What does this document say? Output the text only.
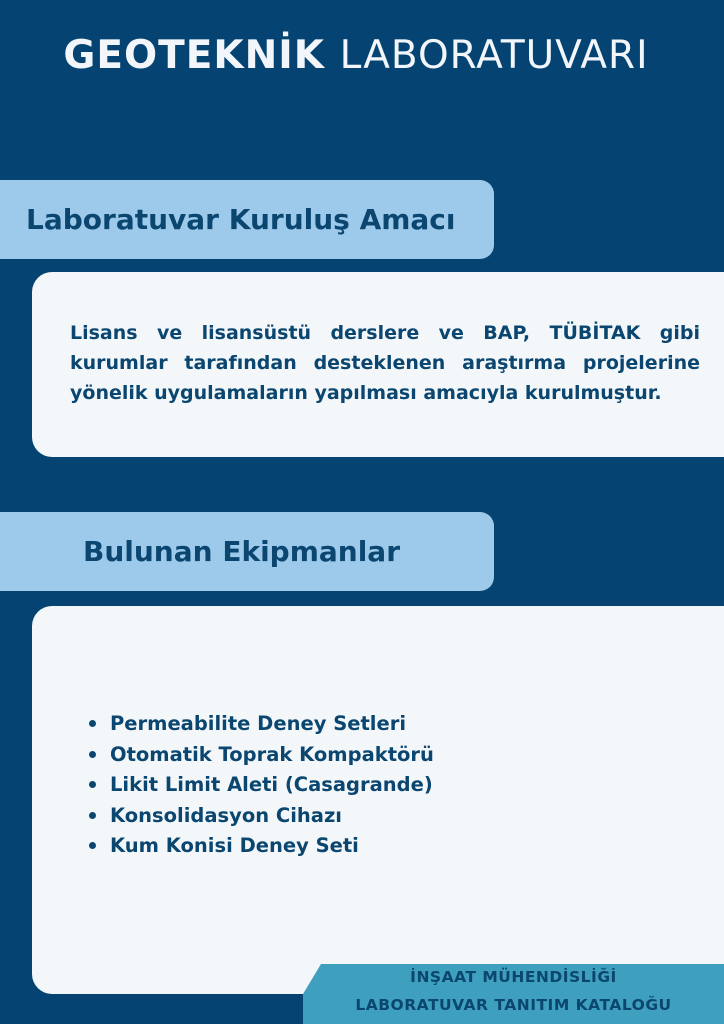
GEOTEKNİK LABORATUVARI
Laboratuvar Kuruluş Amacı

Lisans ve lisansüstü derslere ve BAP, TÜBİTAK gibi kurumlar tarafından desteklenen araştırma projelerine yönelik uygulamaların yapılması amacıyla kurulmuştur.

Bulunan Ekipmanlar
Permeabilite Deney Setleri
Otomatik Toprak Kompaktörü
Likit Limit Aleti (Casagrande)
Konsolidasyon Cihazı
Kum Konisi Deney Seti
İNŞAAT MÜHENDİSLİĞİ
LABORATUVAR TANITIM KATALOĞU
